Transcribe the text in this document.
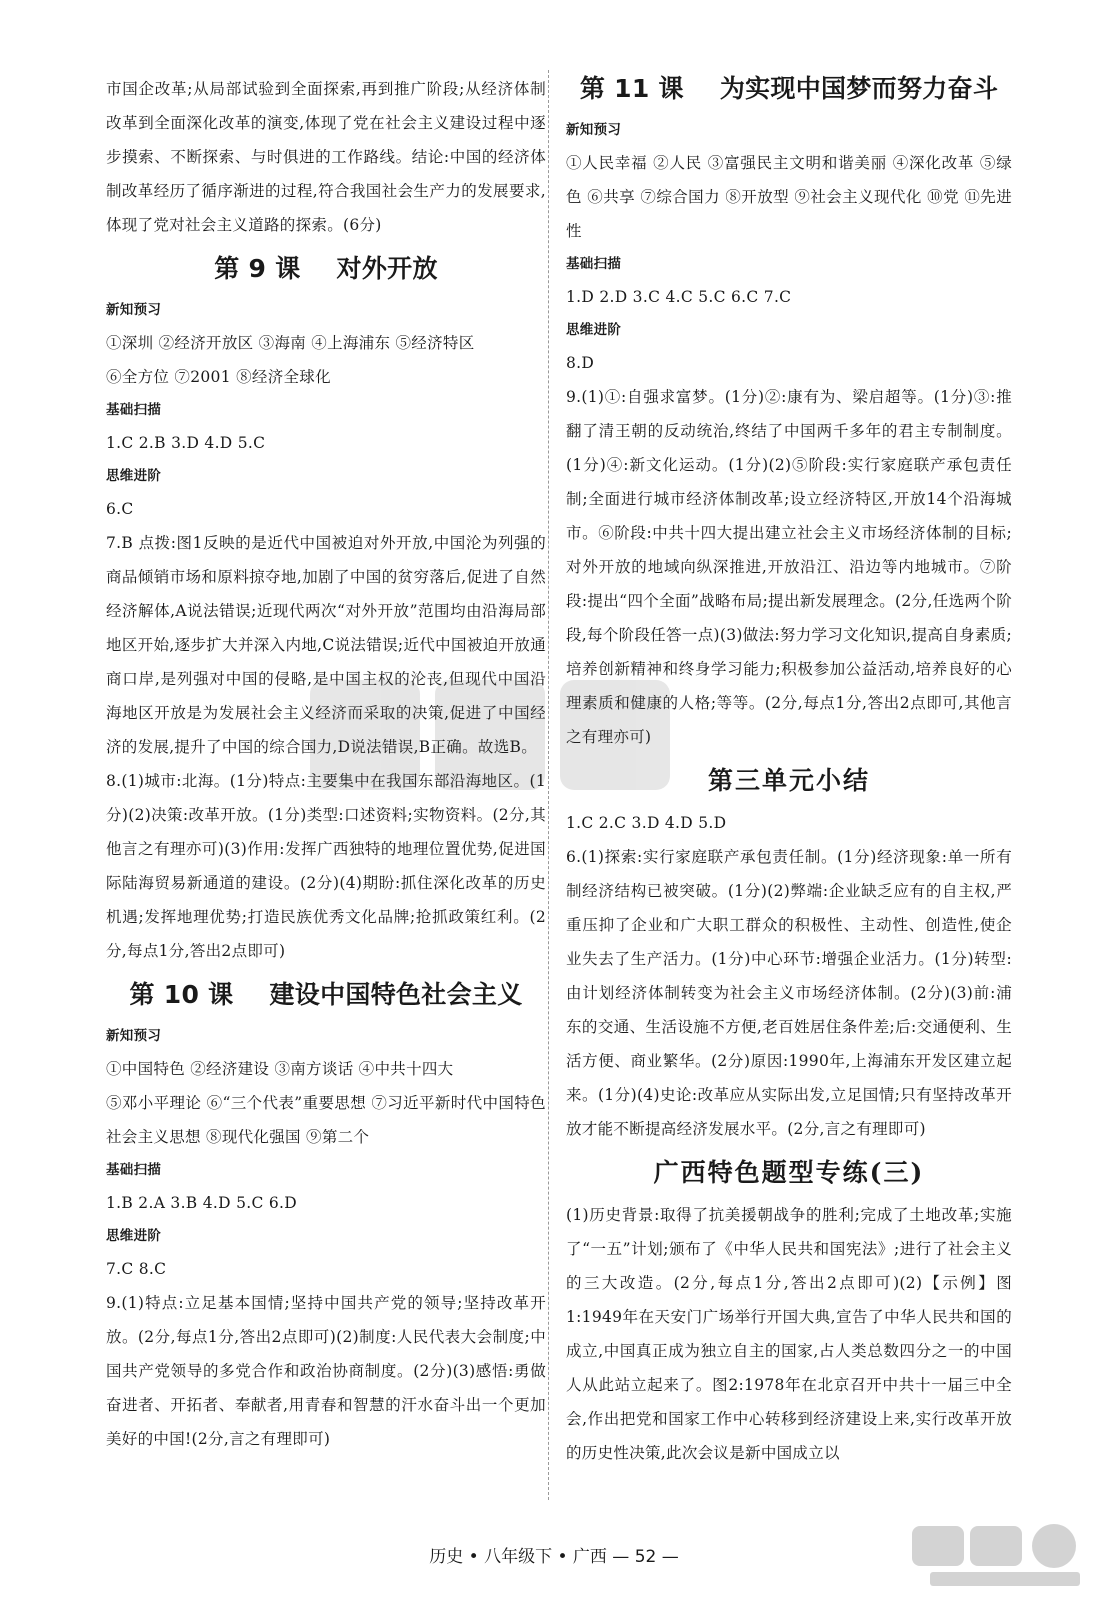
市国企改革;从局部试验到全面探索,再到推广阶段;从经济体制改革到全面深化改革的演变,体现了党在社会主义建设过程中逐步摸索、不断探索、与时俱进的工作路线。结论:中国的经济体制改革经历了循序渐进的过程,符合我国社会生产力的发展要求,体现了党对社会主义道路的探索。(6分)
第 9 课    对外开放
新知预习
①深圳 ②经济开放区 ③海南 ④上海浦东 ⑤经济特区
⑥全方位 ⑦2001 ⑧经济全球化
基础扫描
1.C 2.B 3.D 4.D 5.C
思维进阶
6.C
7.B 点拨:图1反映的是近代中国被迫对外开放,中国沦为列强的商品倾销市场和原料掠夺地,加剧了中国的贫穷落后,促进了自然经济解体,A说法错误;近现代两次“对外开放”范围均由沿海局部地区开始,逐步扩大并深入内地,C说法错误;近代中国被迫开放通商口岸,是列强对中国的侵略,是中国主权的沦丧,但现代中国沿海地区开放是为发展社会主义经济而采取的决策,促进了中国经济的发展,提升了中国的综合国力,D说法错误,B正确。故选B。
8.(1)城市:北海。(1分)特点:主要集中在我国东部沿海地区。(1分)(2)决策:改革开放。(1分)类型:口述资料;实物资料。(2分,其他言之有理亦可)(3)作用:发挥广西独特的地理位置优势,促进国际陆海贸易新通道的建设。(2分)(4)期盼:抓住深化改革的历史机遇;发挥地理优势;打造民族优秀文化品牌;抢抓政策红利。(2分,每点1分,答出2点即可)
第 10 课    建设中国特色社会主义
新知预习
①中国特色 ②经济建设 ③南方谈话 ④中共十四大
⑤邓小平理论 ⑥“三个代表”重要思想 ⑦习近平新时代中国特色社会主义思想 ⑧现代化强国 ⑨第二个
基础扫描
1.B 2.A 3.B 4.D 5.C 6.D
思维进阶
7.C 8.C
9.(1)特点:立足基本国情;坚持中国共产党的领导;坚持改革开放。(2分,每点1分,答出2点即可)(2)制度:人民代表大会制度;中国共产党领导的多党合作和政治协商制度。(2分)(3)感悟:勇做奋进者、开拓者、奉献者,用青春和智慧的汗水奋斗出一个更加美好的中国!(2分,言之有理即可)
第 11 课    为实现中国梦而努力奋斗
新知预习
①人民幸福 ②人民 ③富强民主文明和谐美丽 ④深化改革 ⑤绿色 ⑥共享 ⑦综合国力 ⑧开放型 ⑨社会主义现代化 ⑩党 ⑪先进性
基础扫描
1.D 2.D 3.C 4.C 5.C 6.C 7.C
思维进阶
8.D
9.(1)①:自强求富梦。(1分)②:康有为、梁启超等。(1分)③:推翻了清王朝的反动统治,终结了中国两千多年的君主专制制度。(1分)④:新文化运动。(1分)(2)⑤阶段:实行家庭联产承包责任制;全面进行城市经济体制改革;设立经济特区,开放14个沿海城市。⑥阶段:中共十四大提出建立社会主义市场经济体制的目标;对外开放的地域向纵深推进,开放沿江、沿边等内地城市。⑦阶段:提出“四个全面”战略布局;提出新发展理念。(2分,任选两个阶段,每个阶段任答一点)(3)做法:努力学习文化知识,提高自身素质;培养创新精神和终身学习能力;积极参加公益活动,培养良好的心理素质和健康的人格;等等。(2分,每点1分,答出2点即可,其他言之有理亦可)
第三单元小结
1.C 2.C 3.D 4.D 5.D
6.(1)探索:实行家庭联产承包责任制。(1分)经济现象:单一所有制经济结构已被突破。(1分)(2)弊端:企业缺乏应有的自主权,严重压抑了企业和广大职工群众的积极性、主动性、创造性,使企业失去了生产活力。(1分)中心环节:增强企业活力。(1分)转型:由计划经济体制转变为社会主义市场经济体制。(2分)(3)前:浦东的交通、生活设施不方便,老百姓居住条件差;后:交通便利、生活方便、商业繁华。(2分)原因:1990年,上海浦东开发区建立起来。(1分)(4)史论:改革应从实际出发,立足国情;只有坚持改革开放才能不断提高经济发展水平。(2分,言之有理即可)
广西特色题型专练(三)
(1)历史背景:取得了抗美援朝战争的胜利;完成了土地改革;实施了“一五”计划;颁布了《中华人民共和国宪法》;进行了社会主义的三大改造。(2分,每点1分,答出2点即可)(2)【示例】图1:1949年在天安门广场举行开国大典,宣告了中华人民共和国的成立,中国真正成为独立自主的国家,占人类总数四分之一的中国人从此站立起来了。图2:1978年在北京召开中共十一届三中全会,作出把党和国家工作中心转移到经济建设上来,实行改革开放的历史性决策,此次会议是新中国成立以
历史 • 八年级下 • 广西 — 52 —
